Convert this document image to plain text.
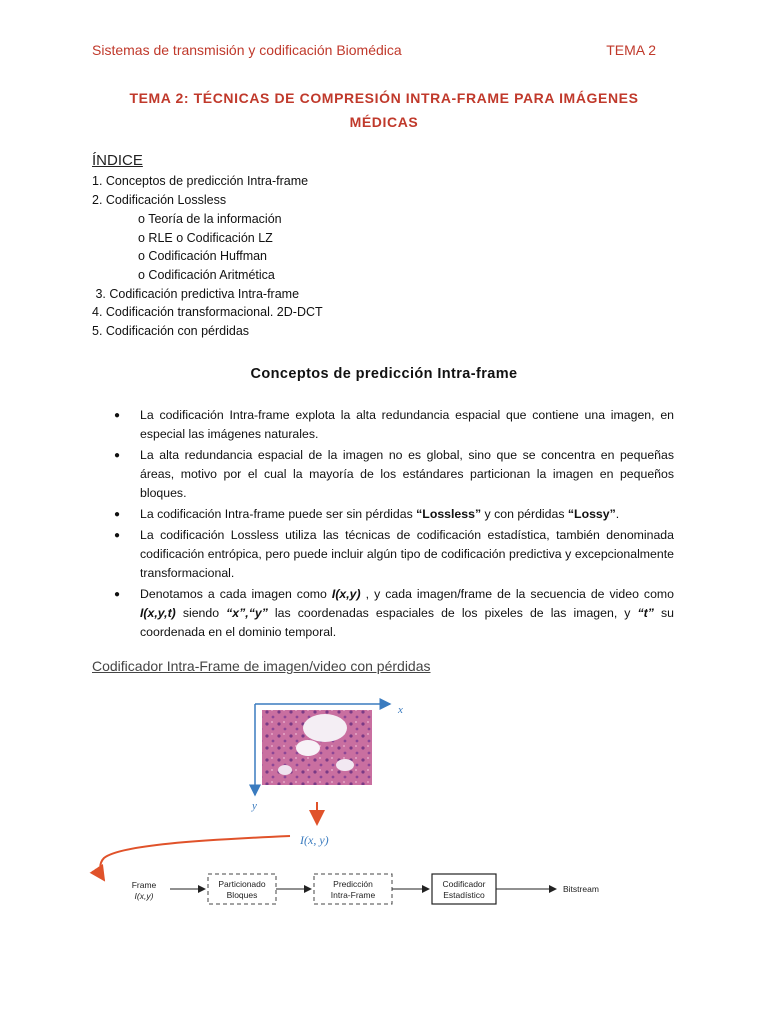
Sistemas de transmisión y codificación Biomédica	TEMA 2
TEMA 2: TÉCNICAS DE COMPRESIÓN INTRA-FRAME PARA IMÁGENES
MÉDICAS
ÍNDICE
1. Conceptos de predicción Intra-frame
2. Codificación Lossless
o Teoría de la información
o RLE o Codificación LZ
o Codificación Huffman
o Codificación Aritmética
3. Codificación predictiva Intra-frame
4. Codificación transformacional. 2D-DCT
5. Codificación con pérdidas
Conceptos de predicción Intra-frame
● La codificación Intra-frame explota la alta redundancia espacial que contiene una imagen, en especial las imágenes naturales.
● La alta redundancia espacial de la imagen no es global, sino que se concentra en pequeñas áreas, motivo por el cual la mayoría de los estándares particionan la imagen en pequeños bloques.
● La codificación Intra-frame puede ser sin pérdidas “Lossless” y con pérdidas “Lossy”.
● La codificación Lossless utiliza las técnicas de codificación estadística, también denominada codificación entrópica, pero puede incluir algún tipo de codificación predictiva y excepcionalmente transformacional.
● Denotamos a cada imagen como I(x,y) , y cada imagen/frame de la secuencia de video como I(x,y,t) siendo “x”,“y” las coordenadas espaciales de los pixeles de las imagen, y “t” su coordenada en el dominio temporal.
Codificador Intra-Frame de imagen/video con pérdidas
x
y
I(x, y)
Frame
I(x,y)
Particionado
Bloques
Predicción
Intra-Frame
Codificador
Estadístico
Bitstream
